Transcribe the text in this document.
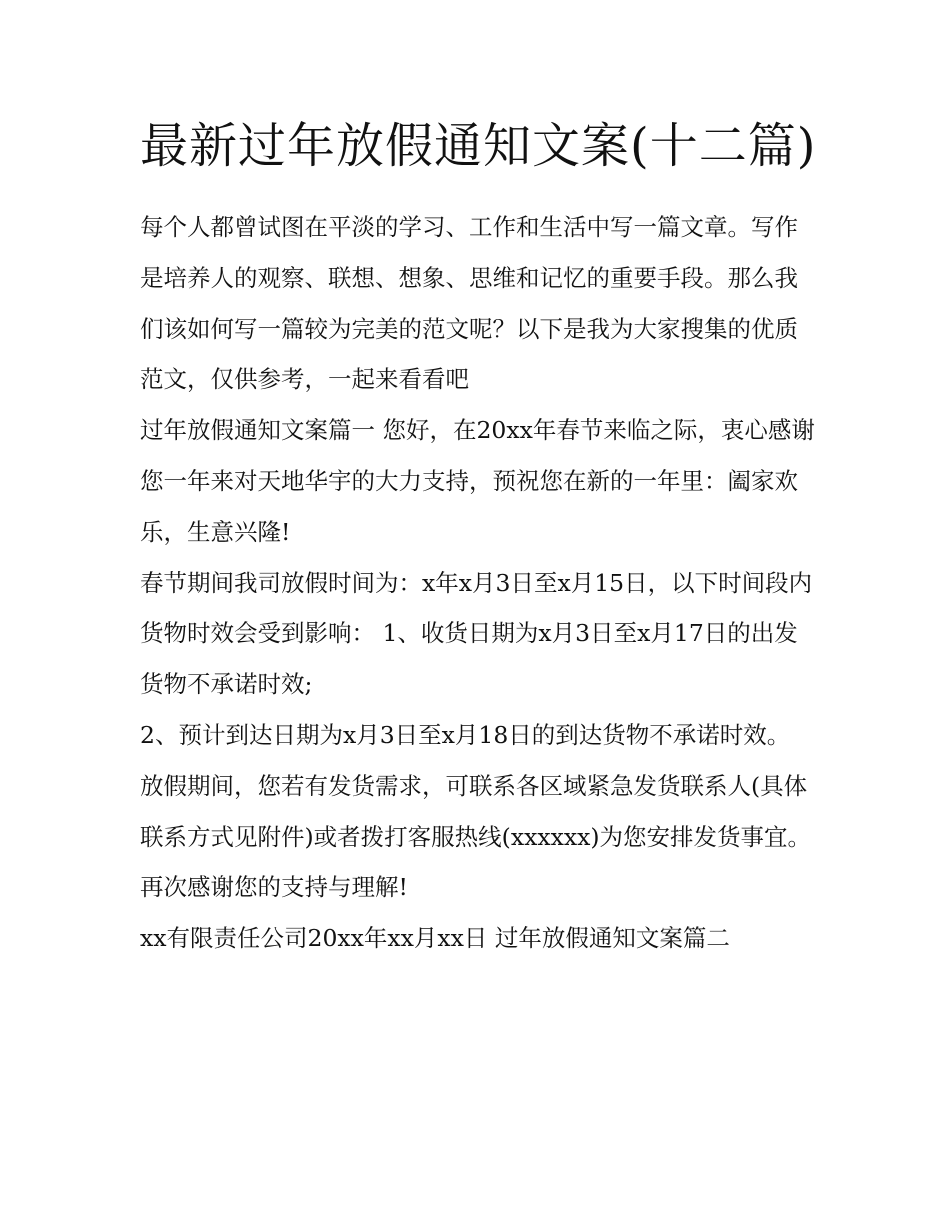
最新过年放假通知文案(十二篇)

每个人都曾试图在平淡的学习、工作和生活中写一篇文章。写作是培养人的观察、联想、想象、思维和记忆的重要手段。那么我们该如何写一篇较为完美的范文呢？以下是我为大家搜集的优质范文，仅供参考，一起来看看吧

过年放假通知文案篇一 您好，在20xx年春节来临之际，衷心感谢您一年来对天地华宇的大力支持，预祝您在新的一年里：阖家欢乐，生意兴隆!

春节期间我司放假时间为：x年x月3日至x月15日，以下时间段内货物时效会受到影响： 1、收货日期为x月3日至x月17日的出发货物不承诺时效;

2、预计到达日期为x月3日至x月18日的到达货物不承诺时效。

放假期间，您若有发货需求，可联系各区域紧急发货联系人(具体联系方式见附件)或者拨打客服热线(xxxxxx)为您安排发货事宜。 再次感谢您的支持与理解!

xx有限责任公司20xx年xx月xx日 过年放假通知文案篇二
